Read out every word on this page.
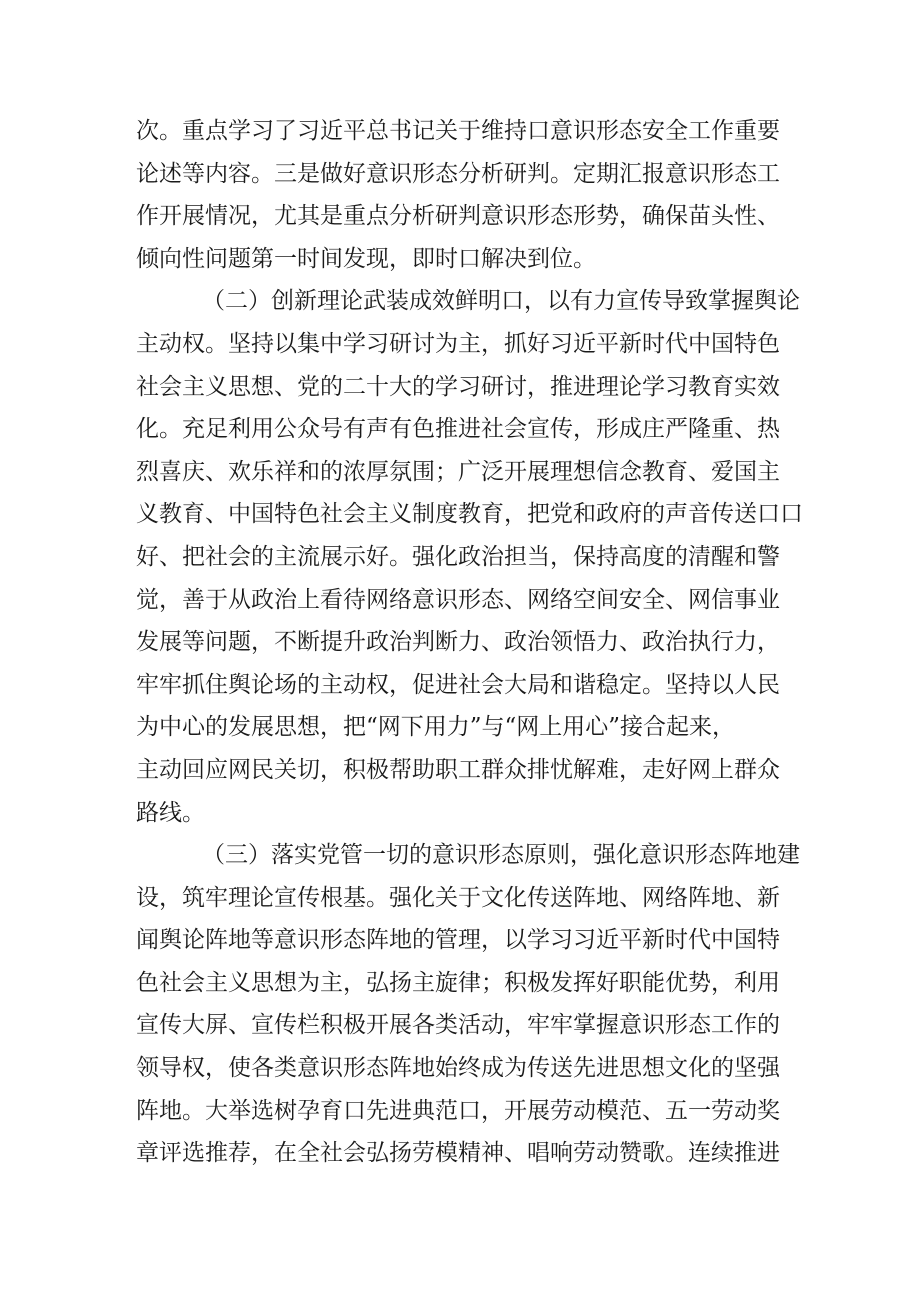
次。重点学习了习近平总书记关于维持口意识形态安全工作重要
论述等内容。三是做好意识形态分析研判。定期汇报意识形态工
作开展情况，尤其是重点分析研判意识形态形势，确保苗头性、
倾向性问题第一时间发现，即时口解决到位。
（二）创新理论武装成效鲜明口，以有力宣传导致掌握舆论
主动权。坚持以集中学习研讨为主，抓好习近平新时代中国特色
社会主义思想、党的二十大的学习研讨，推进理论学习教育实效
化。充足利用公众号有声有色推进社会宣传，形成庄严隆重、热
烈喜庆、欢乐祥和的浓厚氛围；广泛开展理想信念教育、爱国主
义教育、中国特色社会主义制度教育，把党和政府的声音传送口口
好、把社会的主流展示好。强化政治担当，保持高度的清醒和警
觉，善于从政治上看待网络意识形态、网络空间安全、网信事业
发展等问题，不断提升政治判断力、政治领悟力、政治执行力，
牢牢抓住舆论场的主动权，促进社会大局和谐稳定。坚持以人民
为中心的发展思想，把“网下用力”与“网上用心”接合起来，
主动回应网民关切，积极帮助职工群众排忧解难，走好网上群众
路线。
（三）落实党管一切的意识形态原则，强化意识形态阵地建
设，筑牢理论宣传根基。强化关于文化传送阵地、网络阵地、新
闻舆论阵地等意识形态阵地的管理，以学习习近平新时代中国特
色社会主义思想为主，弘扬主旋律；积极发挥好职能优势，利用
宣传大屏、宣传栏积极开展各类活动，牢牢掌握意识形态工作的
领导权，使各类意识形态阵地始终成为传送先进思想文化的坚强
阵地。大举选树孕育口先进典范口，开展劳动模范、五一劳动奖
章评选推荐，在全社会弘扬劳模精神、唱响劳动赞歌。连续推进
